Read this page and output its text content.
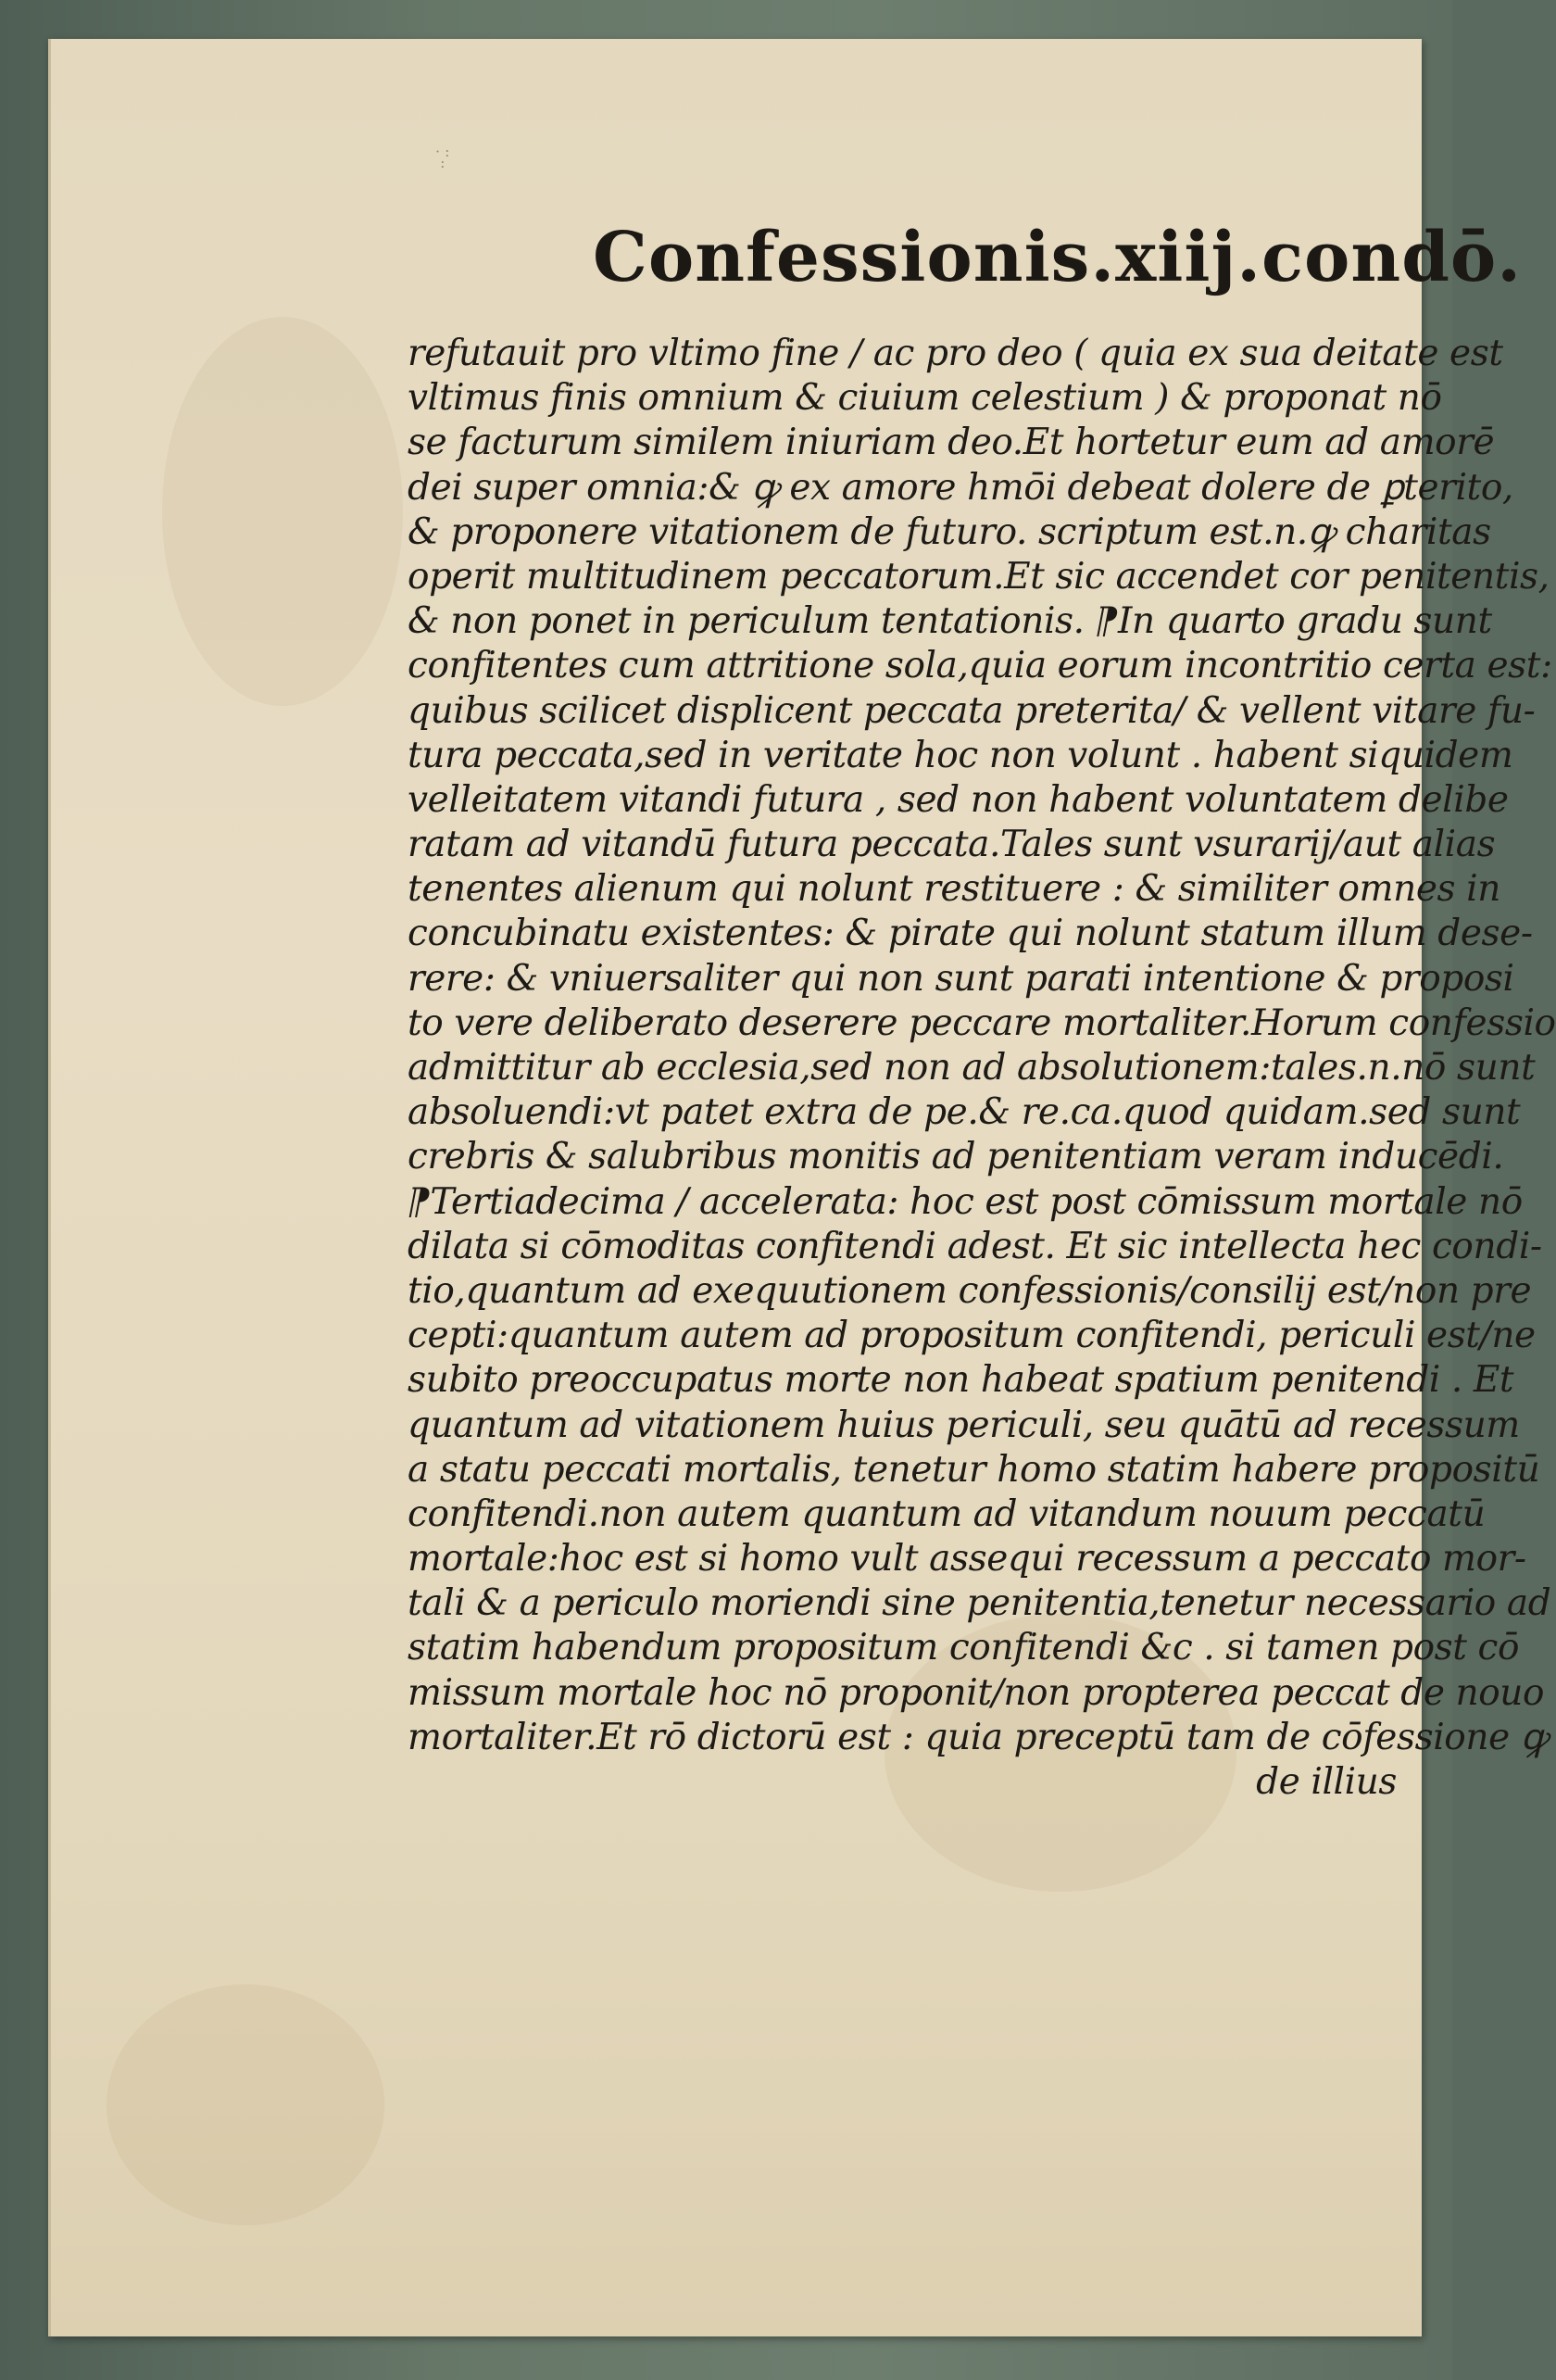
· :
:
Confessionis.xiij.condō.
refutauit pro vltimo fine / ac pro deo ( quia ex sua deitate est
vltimus finis omnium & ciuium celestium ) & proponat nō
se facturum similem iniuriam deo.Et hortetur eum ad amorē
dei super omnia:& ꝙ ex amore hmōi debeat dolere de ꝑterito,
& proponere vitationem de futuro. scriptum est.n.ꝙ charitas
operit multitudinem peccatorum.Et sic accendet cor penitentis,
& non ponet in periculum tentationis. ⁋In quarto gradu sunt
confitentes cum attritione sola,quia eorum incontritio certa est:
quibus scilicet displicent peccata preterita/ & vellent vitare fu-
tura peccata,sed in veritate hoc non volunt . habent siquidem
velleitatem vitandi futura , sed non habent voluntatem delibe
ratam ad vitandū futura peccata.Tales sunt vsurarij/aut alias
tenentes alienum qui nolunt restituere : & similiter omnes in
concubinatu existentes: & pirate qui nolunt statum illum dese-
rere: & vniuersaliter qui non sunt parati intentione & proposi
to vere deliberato deserere peccare mortaliter.Horum confessio
admittitur ab ecclesia,sed non ad absolutionem:tales.n.nō sunt
absoluendi:vt patet extra de pe.& re.ca.quod quidam.sed sunt
crebris & salubribus monitis ad penitentiam veram inducēdi.
⁋Tertiadecima / accelerata: hoc est post cōmissum mortale nō
dilata si cōmoditas confitendi adest. Et sic intellecta hec condi-
tio,quantum ad exequutionem confessionis/consilij est/non pre
cepti:quantum autem ad propositum confitendi, periculi est/ne
subito preoccupatus morte non habeat spatium penitendi . Et
quantum ad vitationem huius periculi, seu quātū ad recessum
a statu peccati mortalis, tenetur homo statim habere propositū
confitendi.non autem quantum ad vitandum nouum peccatū
mortale:hoc est si homo vult assequi recessum a peccato mor-
tali & a periculo moriendi sine penitentia,tenetur necessario ad
statim habendum propositum confitendi &c . si tamen post cō
missum mortale hoc nō proponit/non propterea peccat de nouo
mortaliter.Et rō dictorū est : quia preceptū tam de cōfessione ꝙ
de illius
